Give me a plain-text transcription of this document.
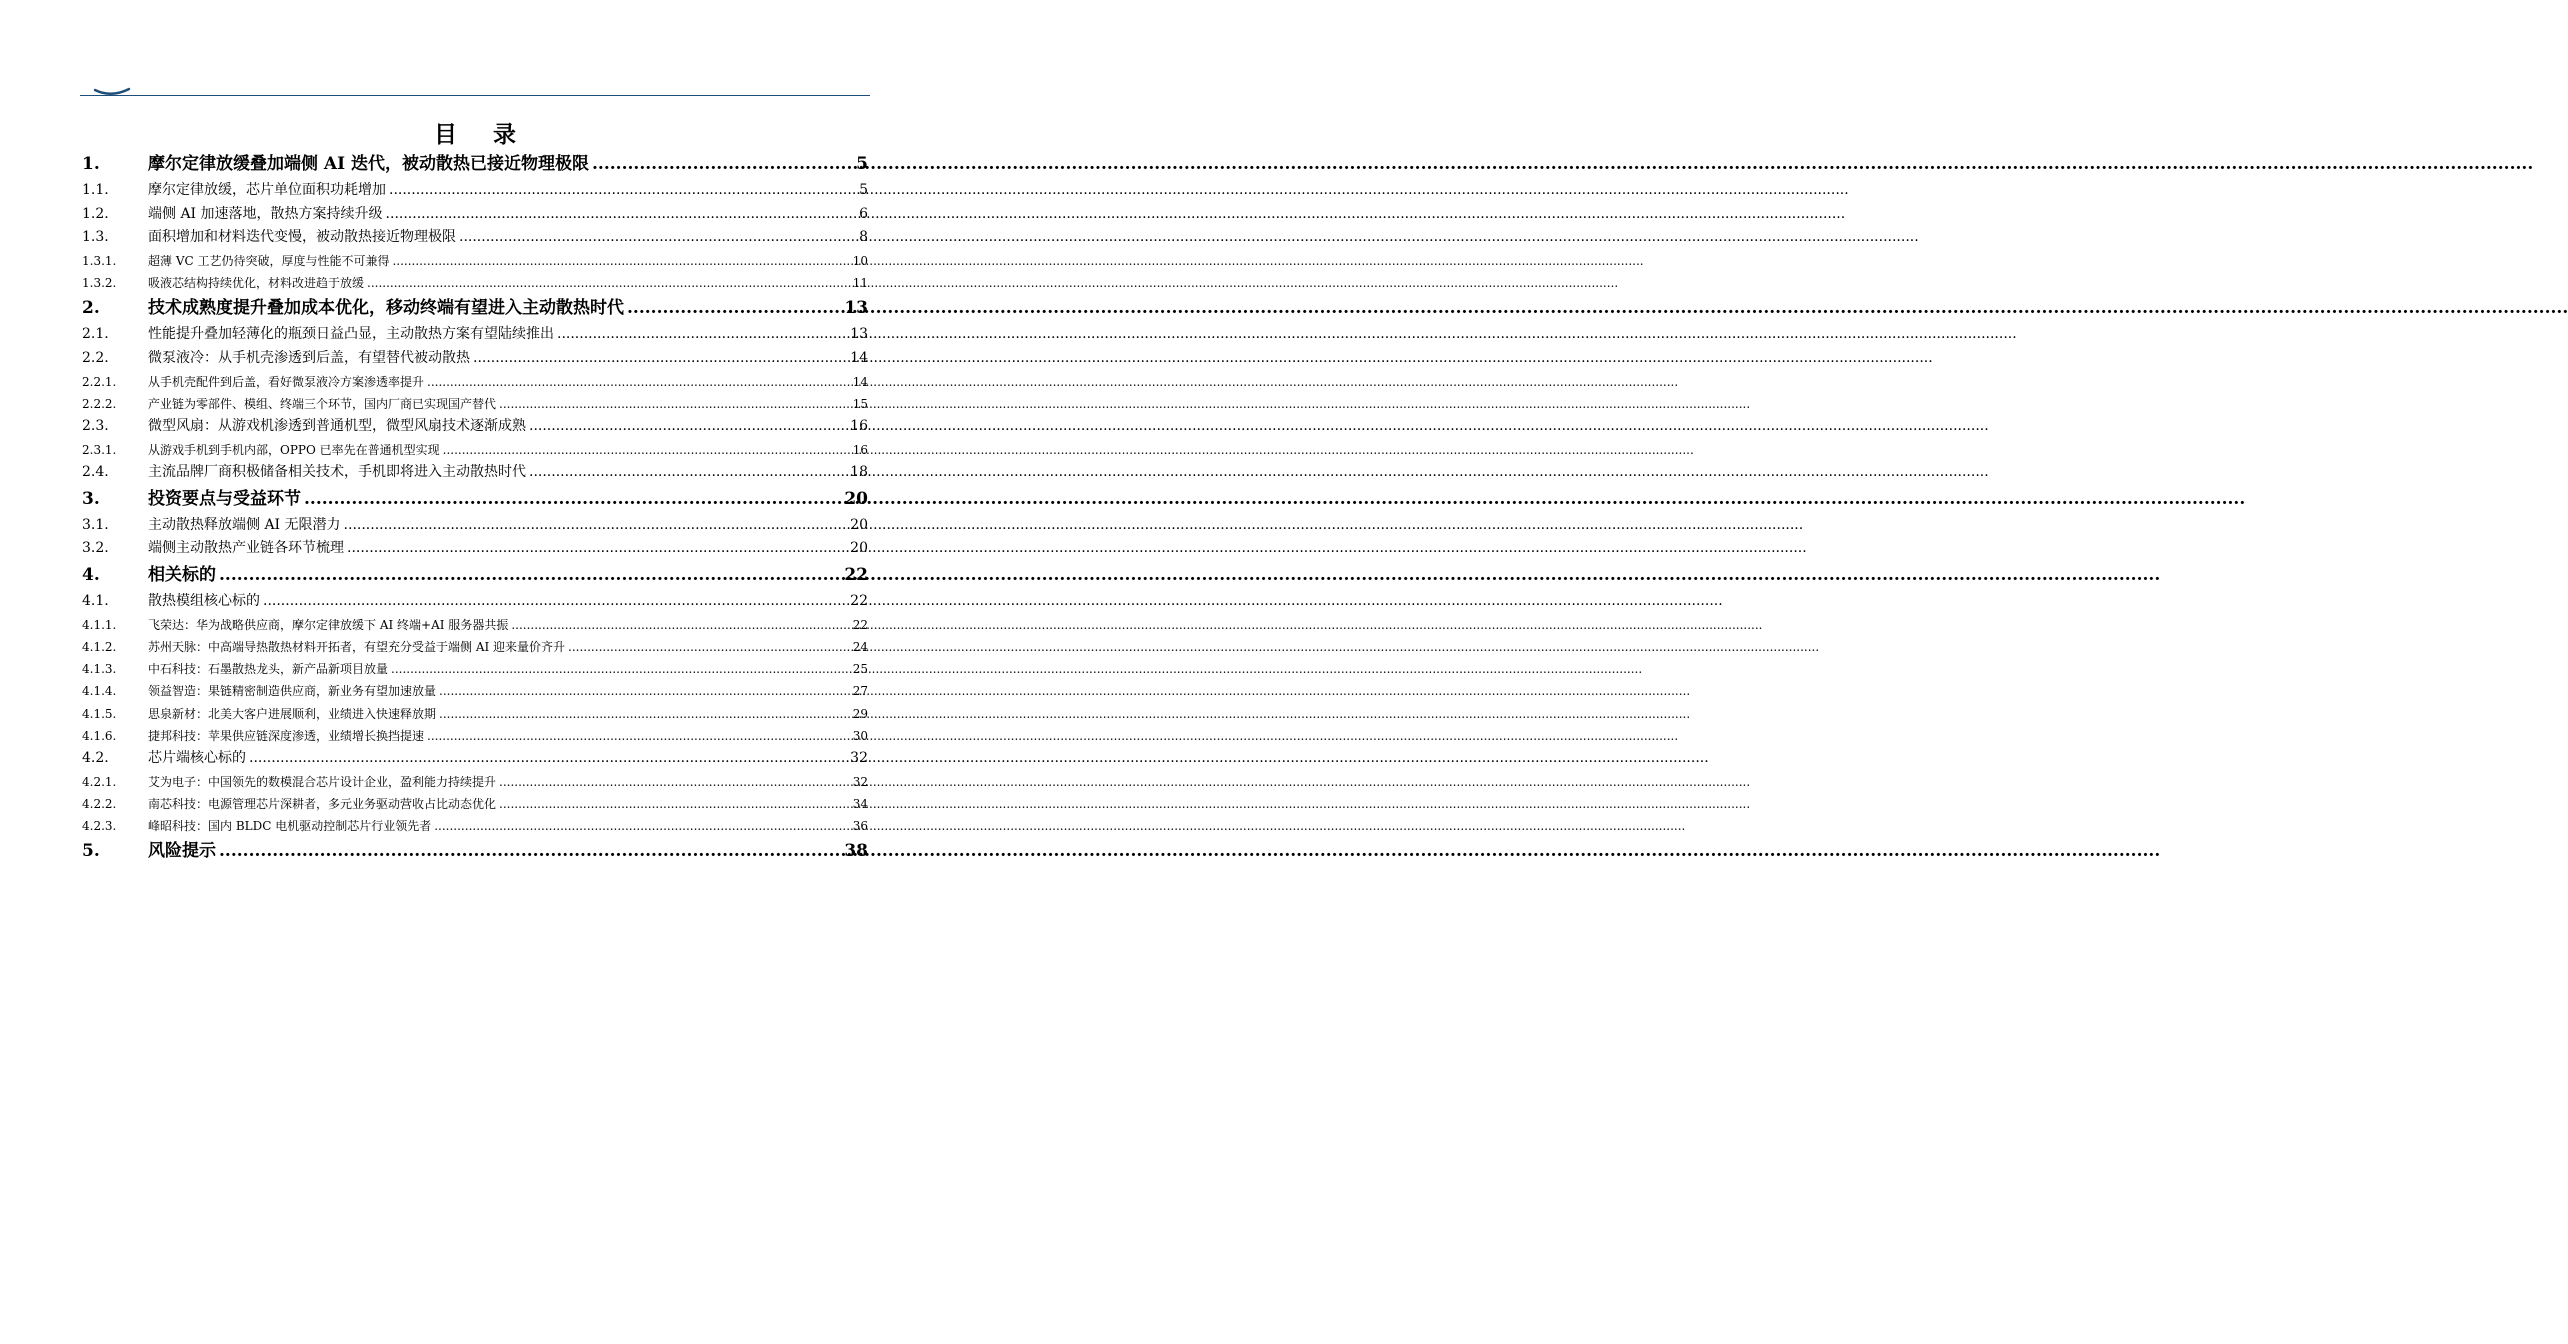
目 录
1.	摩尔定律放缓叠加端侧 AI 迭代，被动散热已接近物理极限 .....	5
1.1.	摩尔定律放缓，芯片单位面积功耗增加 .....	5
1.2.	端侧 AI 加速落地，散热方案持续升级 .....	6
1.3.	面积增加和材料迭代变慢，被动散热接近物理极限 .....	8
1.3.1.	超薄 VC 工艺仍待突破，厚度与性能不可兼得 .....	10
1.3.2.	吸液芯结构持续优化，材料改进趋于放缓 .....	11
2.	技术成熟度提升叠加成本优化，移动终端有望进入主动散热时代 .....	13
2.1.	性能提升叠加轻薄化的瓶颈日益凸显，主动散热方案有望陆续推出 .....	13
2.2.	微泵液冷：从手机壳渗透到后盖，有望替代被动散热 .....	14
2.2.1.	从手机壳配件到后盖，看好微泵液冷方案渗透率提升 .....	14
2.2.2.	产业链为零部件、模组、终端三个环节，国内厂商已实现国产替代 .....	15
2.3.	微型风扇：从游戏机渗透到普通机型，微型风扇技术逐渐成熟 .....	16
2.3.1.	从游戏手机到手机内部，OPPO 已率先在普通机型实现 .....	16
2.4.	主流品牌厂商积极储备相关技术，手机即将进入主动散热时代 .....	18
3.	投资要点与受益环节 .....	20
3.1.	主动散热释放端侧 AI 无限潜力 .....	20
3.2.	端侧主动散热产业链各环节梳理 .....	20
4.	相关标的 .....	22
4.1.	散热模组核心标的 .....	22
4.1.1.	飞荣达：华为战略供应商，摩尔定律放缓下 AI 终端+AI 服务器共振 .....	22
4.1.2.	苏州天脉：中高端导热散热材料开拓者，有望充分受益于端侧 AI 迎来量价齐升 .....	24
4.1.3.	中石科技：石墨散热龙头，新产品新项目放量 .....	25
4.1.4.	领益智造：果链精密制造供应商，新业务有望加速放量 .....	27
4.1.5.	思泉新材：北美大客户进展顺利，业绩进入快速释放期 .....	29
4.1.6.	捷邦科技：苹果供应链深度渗透，业绩增长换挡提速 .....	30
4.2.	芯片端核心标的 .....	32
4.2.1.	艾为电子：中国领先的数模混合芯片设计企业，盈利能力持续提升 .....	32
4.2.2.	南芯科技：电源管理芯片深耕者，多元业务驱动营收占比动态优化 .....	34
4.2.3.	峰昭科技：国内 BLDC 电机驱动控制芯片行业领先者 .....	36
5.	风险提示 .....	38
